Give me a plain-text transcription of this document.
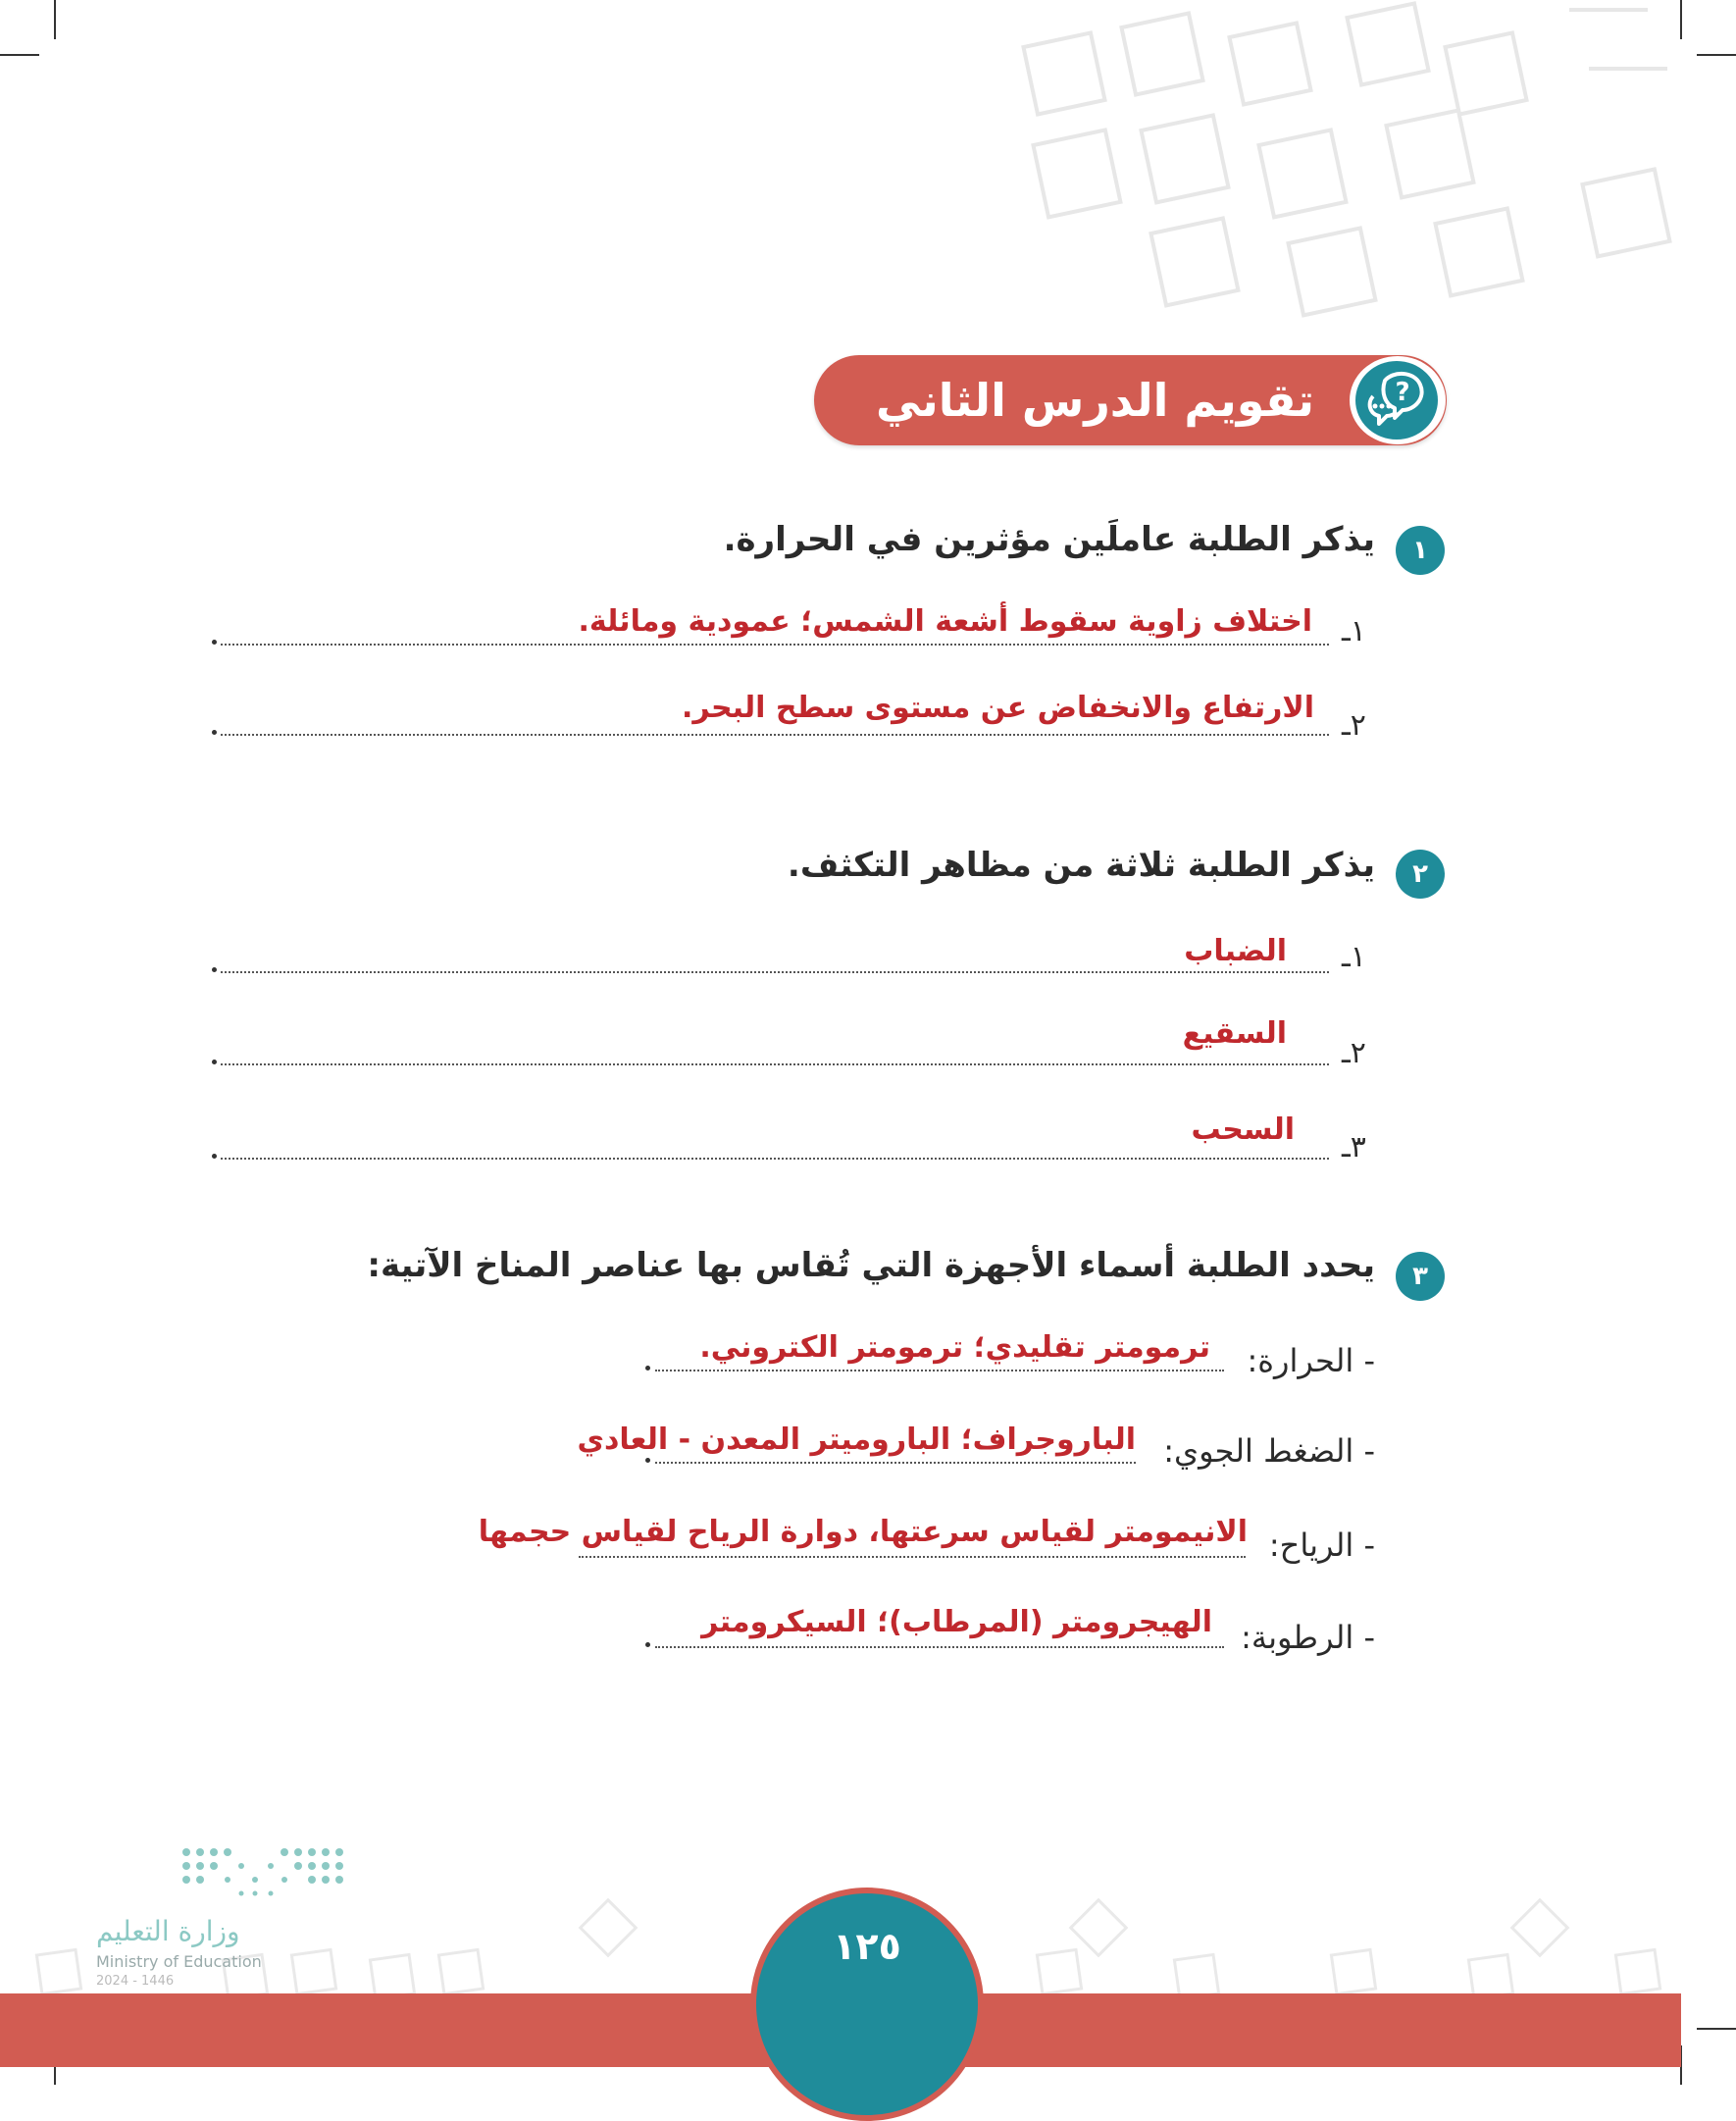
تقويم الدرس الثاني عشر
?
١
يذكر الطلبة عاملَين مؤثرين في الحرارة.
١ـ
اختلاف زاوية سقوط أشعة الشمس؛ عمودية ومائلة.
٢ـ
الارتفاع والانخفاض عن مستوى سطح البحر.
٢
يذكر الطلبة ثلاثة من مظاهر التكثف.
١ـ
الضباب
٢ـ
السقيع
٣ـ
السحب
٣
يحدد الطلبة أسماء الأجهزة التي تُقاس بها عناصر المناخ الآتية:
- الحرارة:
ترمومتر تقليدي؛ ترمومتر الكتروني.
- الضغط الجوي:
الباروجراف؛ الباروميتر المعدن - العادي
- الرياح:
الانيمومتر لقياس سرعتها، دوارة الرياح لقياس حجمها
- الرطوبة:
الهيجرومتر (المرطاب)؛ السيكرومتر
١٢٥
وزارة التعليم
Ministry of Education
2024 - 1446
